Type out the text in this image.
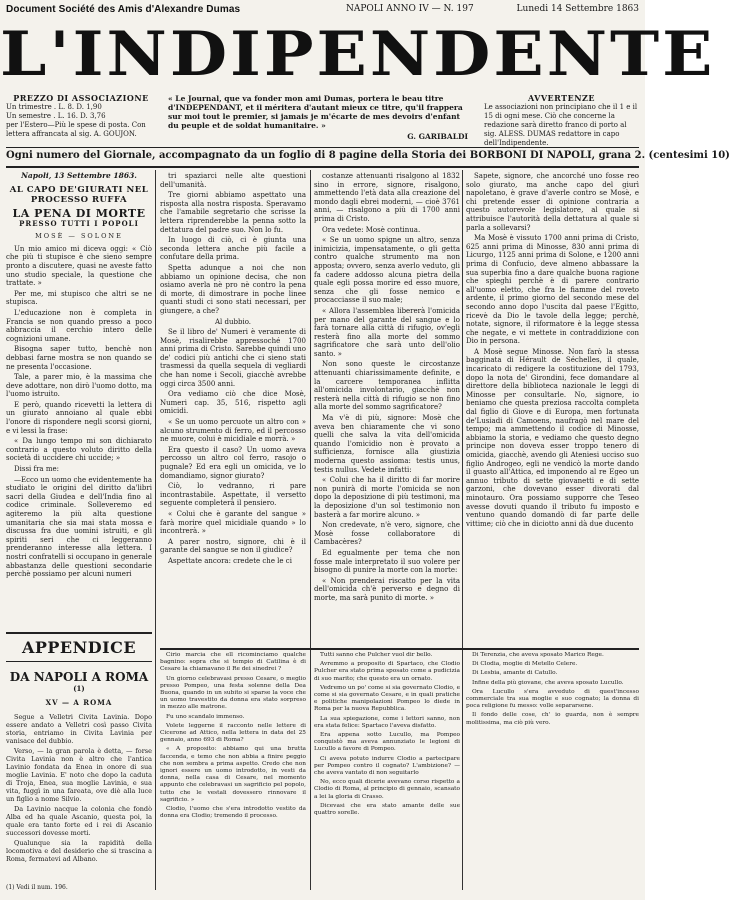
Document Société des Amis d'Alexandre Dumas	NAPOLI ANNO IV — N. 197	Lunedi 14 Settembre 1863
L'INDIPENDENTE
PREZZO DI ASSOCIAZIONE
Un trimestre . L. 8. D. 1,90
Un semestre . L. 16. D. 3,76
per l'Estero—Più le spese di posta. Con lettera affrancata al sig. A. GOUJON.
« Le Journal, que va fonder mon ami Dumas, portera le beau titre d'INDEPENDANT, et il méritera d'autant mieux ce titre, qu'il frappera sur moi tout le premier, si jamais je m'écarte de mes devoirs d'enfant du peuple et de soldat humanitaire. »
G. GARIBALDI
AVVERTENZE
Le associazioni non principiano che il 1 e il 15 di ogni mese. Ciò che concerne la redazione sarà diretto franco di porto al sig. ALESS. DUMAS redattore in capo dell'Indipendente.
Ogni numero del Giornale, accompagnato da un foglio di 8 pagine della Storia dei BORBONI DI NAPOLI, grana 2. (centesimi 10)
Napoli, 13 Settembre 1863.
AL CAPO DE'GIURATI NEL PROCESSO RUFFA
LA PENA DI MORTE
PRESSO TUTTI I POPOLI
MOSÈ — SOLONE

Un mio amico mi diceva oggi: « Ciò che più ti stupisce è che sieno sempre pronto a discutere, quasi ne aveste fatto uno studio speciale, la questione che trattate. »

Per me, mi stupisco che altri se ne stupisca.

L'educazione non è completa in Francia se non quando presso a poco abbraccia il cerchio intero delle cognizioni umane.

Bisogna saper tutto, benchè non debbasi farne mostra se non quando se ne presenta l'occasione.

Tale, a parer mio, è la massima che deve adottare, non dirò l'uomo dotto, ma l'uomo istruito.

E però, quando ricevetti la lettera di un giurato annoiano al quale ebbi l'onore di rispondere negli scorsi giorni, e vi lessi la frase:

« Da lungo tempo mi son dichiarato contrario a questo voluto diritto della società di uccidere chi uccide; »

Dissi fra me:

—Ecco un uomo che evidentemente ha studiato le origini del diritto da'libri sacri della Giudea e dell'India fino al codice criminale. Solleveremo ed agiteremo la più alta questione umanitaria che sia mai stata mossa e discussa fra due uomini istruiti, e gli spiriti seri che ci leggeranno prenderanno interesse alla lettera. I nostri confratelli si occupano in generale abbastanza delle questioni secondarie perchè possiamo per alcuni numeri

APPENDICE
DA NAPOLI A ROMA $^{(1)}$
XV — A ROMA

Segue a Velletri Civita Lavinia. Dopo essere andato a Velletri così passo Civita storia, entriamo in Civita Lavinia per vanisace del dubbio.

Verso, — la gran parola è detta, — forse Civita Lavinia non è altro che l'antica Lavinio fondata da Enea in onore di sua moglie Lavinia. E' noto che dopo la caduta di Troja, Enea, sua moglie Lavinia, e sua vita, fuggì in una fareata, ove diè alla luce un figlio a nome Silvio.

Da Lavinio nacque la colonia che fondò Alba ed ha quale Ascanio, questa poi, la quale era tanto forte ed i rei di Ascanio successori dovesse morti.

Qualunque sia la rapidità della locomotiva e del desiderio che si trascina a Roma, fermatevi ad Albano.

(1) Vedi il num. 196.

tri spaziarci nelle alte questioni dell'umanità.

Tre giorni abbiamo aspettato una risposta alla nostra risposta. Speravamo che l'amabile segretario che scrisse la lettera riprenderebbe la penna sotto la dettatura del padre suo. Non lo fu.

In luogo di ciò, ci è giunta una seconda lettera anche più facile a confutare della prima.

Spetta adunque a noi che non abbiamo un opinione decisa, che non osiamo averla nè pro nè contro la pena di morte, di dimostrare in poche linee quanti studi ci sono stati necessari, per giungere, a che?

Al dubbio.

Se il libro de' Numeri è veramente di Mosè, risalirebbe appressoché 1700 anni prima di Cristo. Sarebbe quindi uno de' codici più antichi che ci sieno stati trasmessi da quella sequela di vegliardi che han nome i Secoli, giacchè avrebbe oggi circa 3500 anni.

Ora vediamo ciò che dice Mosè, Numeri cap. 35, 516, rispetto agli omicidi.

« Se un uomo percuote un altro con » alcuno strumento di ferro, ed il percosso ne muore, colui è micidiale e morrà. »

Era questo il caso? Un uomo aveva percosso un altro col ferro, rasojo o pugnale? Ed era egli un omicida, ve lo domandiamo, signor giurato?

Ciò, lo vedranno, ri pare incontrastabile. Aspettate, il versetto seguente completerà il pensiero.

« Colui che è garante del sangue » farà morire quel micidiale quando » lo incontrerà. »

A parer nostro, signore, chi è il garante del sangue se non il giudice?

Aspettate ancora: credete che le ci

costanze attenuanti risalgono al 1832 sino in errore, signore, risalgono, ammettendo l'età data alla creazione del mondo dagli ebrei moderni, — cioè 3761 anni, — risalgono a più di 1700 anni prima di Cristo.

Ora vedete: Mosè continua.

« Se un uomo spigne un altro, senza inimicizia, impensatamente, o gli getta contro qualche strumento ma non apposta; ovvero, senza averlo veduto, gli fa cadere addosso alcuna pietra della quale egli possa morire ed esso muore, senza che gli fosse nemico e procacciasse il suo male;

« Allora l'assemblea libererà l'omicida per mano del garante del sangue e lo farà tornare alla città di rifugio, ov'egli resterà fino alla morte del sommo sagrificatore che sarà unto dell'olio santo. »

Non sono queste le circostanze attenuanti chiarissimamente definite, e la carcere temporanea inflitta all'omicida involontario, giacchè non resterà nella città di rifugio se non fino alla morte del sommo sagrificatore?

Ma v'è di più, signore: Mosè che aveva ben chiaramente che vi sono quelli che salva la vita dell'omicida quando l'omicidio non è provato a sufficienza, fornisce alla giustizia moderna questo assioma: testis unus, testis nullus. Vedete infatti:

« Colui che ha il diritto di far morire non punirà di morte l'omicida se non dopo la deposizione di più testimoni, ma la deposizione d'un sol testimonio non basterà a far morire alcuno. »

Non credevate, n'è vero, signore, che Mosè fosse collaboratore di Cambacères?

Ed egualmente per tema che non fosse male interpretato il suo volere per bisogno di punire la morte con la morte:

« Non prenderai riscatto per la vita dell'omicida ch'è perverso e degno di morte, ma sarà punito di morte. »

Sapete, signore, che ancorché uno fosse reo solo giurato, ma anche capo del giurì napoletano, è grave d'averle contro se Mosè, e chi pretende esser di opinione contraria a questo autorevole legislatore, al quale si attribuisce l'autorità della dettatura al quale si parla a sollevarsi?

Ma Mosè è vissuto 1700 anni prima di Cristo, 625 anni prima di Minosse, 830 anni prima di Licurgo, 1125 anni prima di Solone, e 1200 anni prima di Confucio, deve almeno abbassare la sua superbia fino a dare qualche buona ragione che spieghi perchè è di parere contrario all'uomo eletto, che fra le fiamme del roveto ardente, il primo giorno del secondo mese del secondo anno dopo l'uscita dal paese l'Egitto, ricevè da Dio le tavole della legge; perchè, notate, signore, il riformatore è la legge stessa che negate, e vi mettete in contraddizione con Dio in persona.

A Mosè segue Minosse. Non farò la stessa bagginata di Hérault de Séchelles, il quale, incaricato di redigere la costituzione del 1793, dopo la nota de' Girondini, fece domandare al direttore della biblioteca nazionale le leggi di Minosse per consultarle. No, signore, io beniamo che questa preziosa raccolta completa dal figlio di Giove e di Europa, men fortunata de'Lusiadi di Camoens, naufragò nel mare del tempo; ma ammettendo il codice di Minosse, abbiamo la storia, e vediamo che questo degno principe non doveva esser troppo tenero di omicida, giacchè, avendo gli Ateniesi ucciso suo figlio Androgeo, egli ne vendicò la morte dando il guasto all'Attica, ed imponendo al re Egeo un annuo tributo di sette giovanetti e di sette garzoni, che dovevano esser divorati dal minotauro. Ora possiamo supporre che Teseo avesse dovuti quando il tributo fu imposto e ventuno quando domandò di far parte delle vittime; ciò che in diciotto anni dà due ducento

Cirio marcia che ell ricominciamo qualche bagnino: sopra che si tempio di Catilina è di Cesare la chiamavano il Re dei sinedrei ?

Un giorno celebravasi presso Cesare, o meglio presso Pompeo, una festa solenne della Dea Buona, quando in un subito si sparse la voce che un uomo travestito da donna era stato sorpreso in mezzo alle matrone.

Fu uno scandalo immenso.

Volete leggerne il racconto nelle lettere di Cicerone ad Attico, nella lettera in data del 25 gennaio, anno 693 di Roma?

« A proposito: abbiamo qui una brutta faccenda, e temo che non abbia a finire peggio che non sembra a prima aspetto. Credo che non ignori essere un uomo introdotto, in vesti da donna, nella casa di Cesare, nel momento appunto che celebravasi un sagrificio pel popolo, tutto che le vestali dovessero rinnovare il sagrificio. »

Clodio, l'uomo che s'era introdotto vestito da donna era Clodio; tremendo il processo.

Tutti sanno che Pulcher vuol dir bello.

Avremmo a proposito di Spartaco, che Clodio Pulcher era stato prima sposato come a pudicizia di suo marito; che questo era un ornato.

Vedremo un po' come si sia governato Clodio, e come si sia governato Cesare, e in quali pratiche e politiche manipolazioni Pompeo lo diede in Roma per la nuova Repubblica.

La sua spiegazione, come i lettori sanno, non era stata felice: Spartaco l'aveva disfatto.

Era appena sotto Lucullo, ma Pompeo conquistò ma aveva annunziato le legioni di Lucullo a favore di Pompeo.

Ci aveva potuto indurre Clodio a partecipare per Pompeo contro il cognato? L'ambizione? — che aveva vantato di non seguitarlo

No, ecco quali dicerie avevano corso rispetto a Clodio di Roma, al principio di gennaio, scansato a lei la gloria di Crasso.

Dicevasi che era stato amante delle sue quattro sorelle.

Di Terenzia, che aveva sposato Marico Rege.

Di Clodia, moglie di Metello Celere.

Di Lesbia, amante di Catullo.

Infine della più giovane, che aveva sposato Lucullo.

Ora Lucullo s'era avveduto di quest'incesso commerciale tra sua moglie e suo cognato; la donna di poca religione fu messo: volle separarsene.

Il fondo delle cose, ch' io guarda, non è sempre molitissima, ma ciò più vero.
